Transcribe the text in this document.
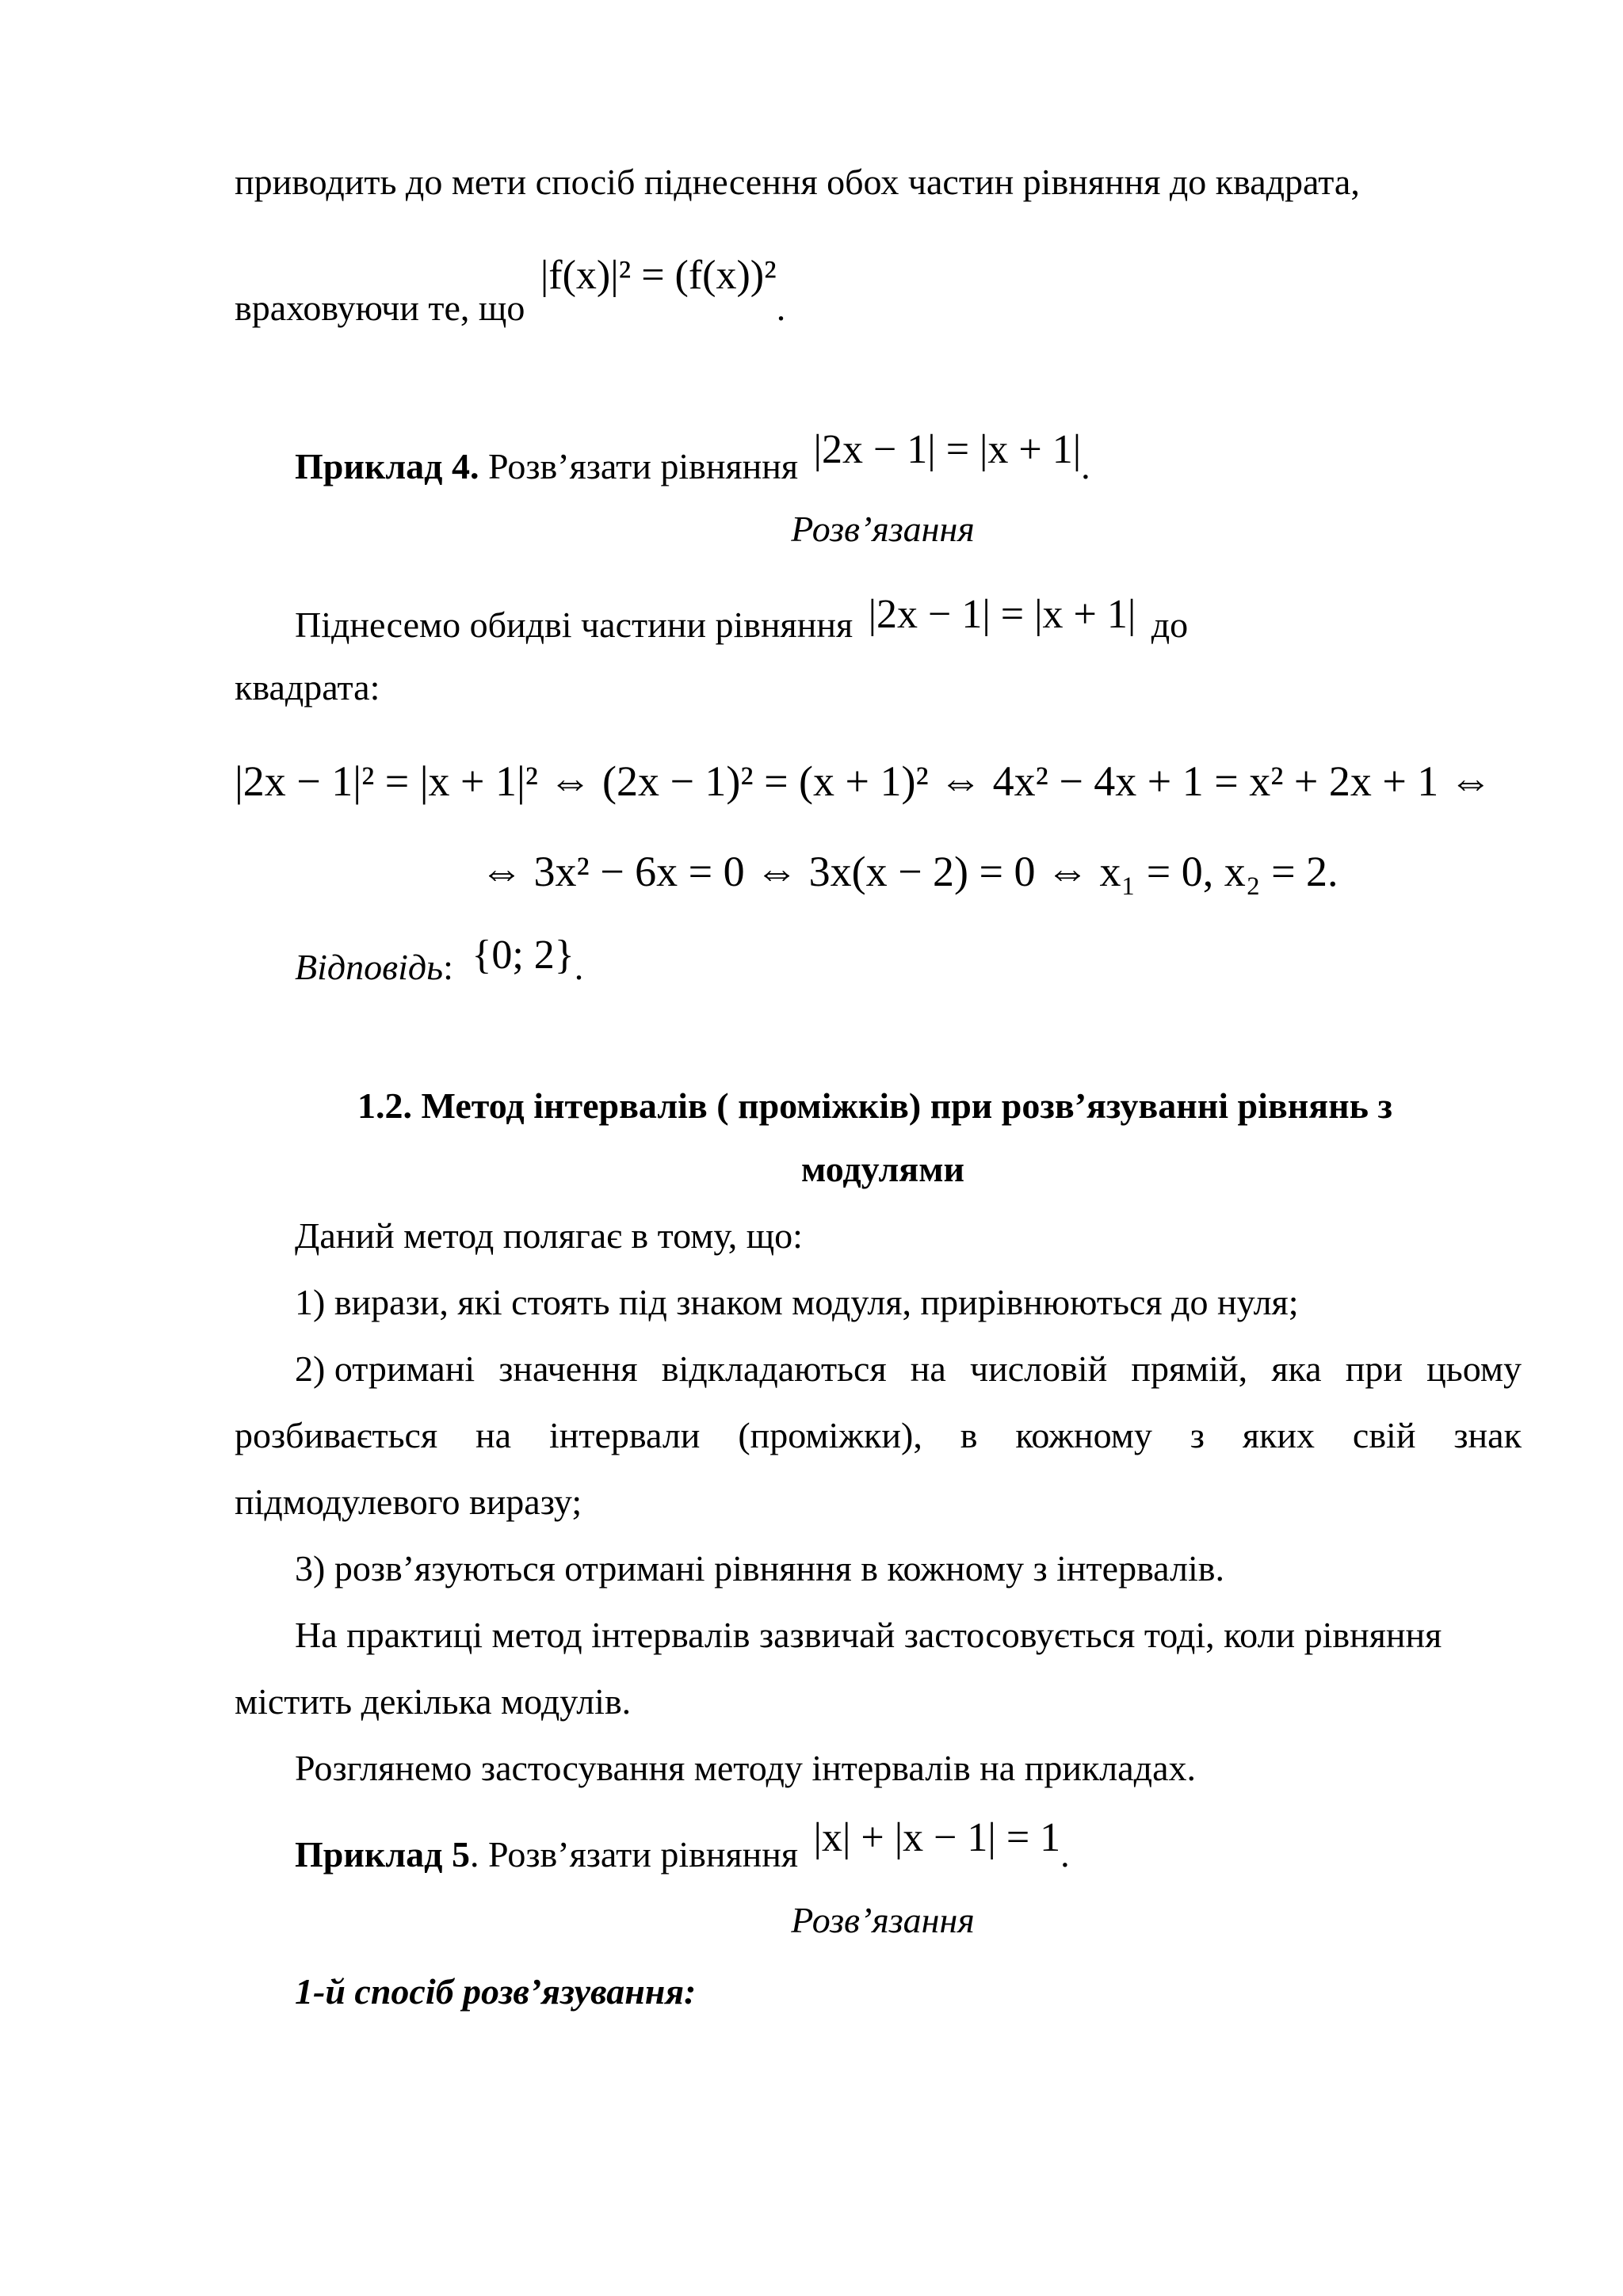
приводить до мети спосіб піднесення обох частин рівняння до квадрата,
враховуючи те, що |f(x)|² = (f(x))².
Приклад 4. Розв’язати рівняння |2x − 1| = |x + 1|.
Розв’язання
Піднесемо обидві частини рівняння |2x − 1| = |x + 1| до
квадрата:
|2x − 1|² = |x + 1|² ⇔ (2x − 1)² = (x + 1)² ⇔ 4x² − 4x + 1 = x² + 2x + 1 ⇔
⇔ 3x² − 6x = 0 ⇔ 3x(x − 2) = 0 ⇔ x₁ = 0, x₂ = 2.
Відповідь: {0; 2}.
1.2. Метод інтервалів ( проміжків) при розв’язуванні рівнянь з
модулями
Даний метод полягає в тому, що:
1) вирази, які стоять під знаком модуля, прирівнюються до нуля;
2) отримані значення відкладаються на числовій прямій, яка при цьому
розбивається на інтервали (проміжки), в кожному з яких свій знак
підмодулевого виразу;
3) розв’язуються отримані рівняння в кожному з інтервалів.
На практиці метод інтервалів зазвичай застосовується тоді, коли рівняння
містить декілька модулів.
Розглянемо застосування методу інтервалів на прикладах.
Приклад 5. Розв’язати рівняння |x| + |x − 1| = 1.
Розв’язання
1-й спосіб розв’язування:
